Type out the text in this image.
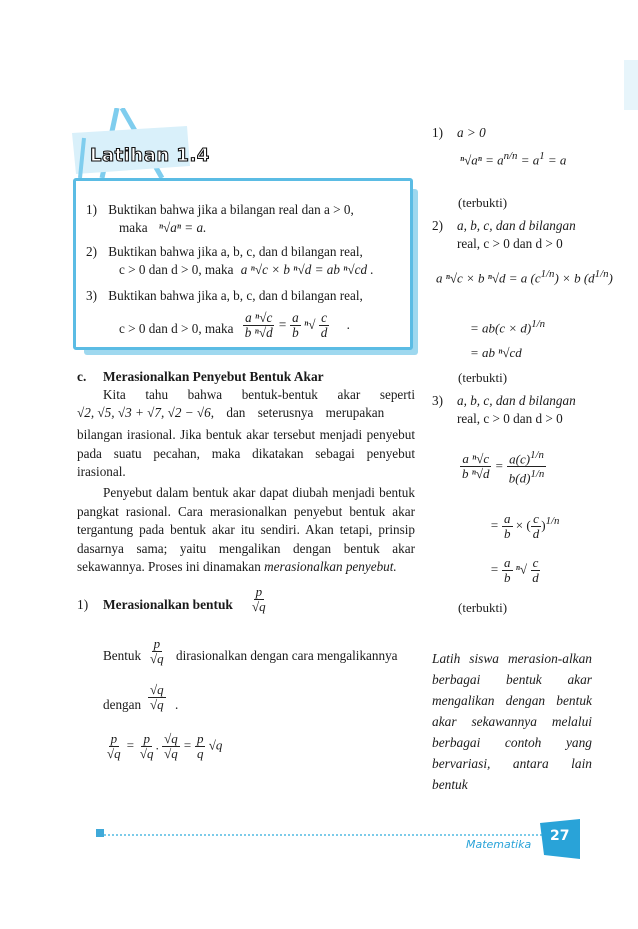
Latihan 1.4
1) Buktikan bahwa jika a bilangan real dan a > 0,
maka ⁿ√aⁿ = a.
2) Buktikan bahwa jika a, b, c, dan d bilangan real,
c > 0 dan d > 0, maka a ⁿ√c × b ⁿ√d = ab ⁿ√cd .
3) Buktikan bahwa jika a, b, c, dan d bilangan real,
c > 0 dan d > 0, maka $\frac{\text{a ⁿ√c}}{\text{b ⁿ√d}} = \frac{a}{b} ^n√ \frac{c}{d}$ .
c. Merasionalkan Penyebut Bentuk Akar
Kita tahu bahwa bentuk-bentuk akar seperti
√2, √5, √3 + √7, √2 − √6, dan seterusnya merupakan
bilangan irasional. Jika bentuk akar tersebut menjadi penyebut pada suatu pecahan, maka dikatakan sebagai penyebut irasional.
Penyebut dalam bentuk akar dapat diubah menjadi bentuk pangkat rasional. Cara merasionalkan penyebut bentuk akar tergantung pada bentuk akar itu sendiri. Akan tetapi, prinsip dasarnya sama; yaitu mengalikan dengan bentuk akar sekawannya. Proses ini dinamakan merasionalkan penyebut.
1) Merasionalkan bentuk $\frac{p}{√q}$
Bentuk $\frac{p}{√q}$ dirasionalkan dengan cara mengalikannya
dengan $\frac{√q}{√q}$ .
$\frac{p}{√q} = \frac{p}{√q}$ . $\frac{√q}{√q} = \frac{p}{q} √q$
1) a > 0
$^n√a^n = a^{n/n} = a^1 = a$
(terbukti)
2) a, b, c, dan d bilangan
real, c > 0 dan d > 0
a ⁿ√c × b ⁿ√d = a $(c^{1/n}) \times b$ $(d^{1/n})$
= $ab(c \times d)^{1/n}$
= ab ⁿ√cd
(terbukti)
3) a, b, c, dan d bilangan
real, c > 0 dan d > 0
$\frac{\text{a ⁿ√c}}{\text{b ⁿ√d}} = \frac{a(c)^{1/n}}{b(d)^{1/n}}$
= $\frac{a}{b}$ × ( $\frac{c}{d} )^{1/n}$
= $\frac{a}{b} ^n√ \frac{c}{d}$
(terbukti)
Latih siswa merasion-alkan berbagai bentuk akar mengalikan dengan bentuk akar sekawannya melalui berbagai contoh yang bervariasi, antara lain bentuk
Matematika
27
